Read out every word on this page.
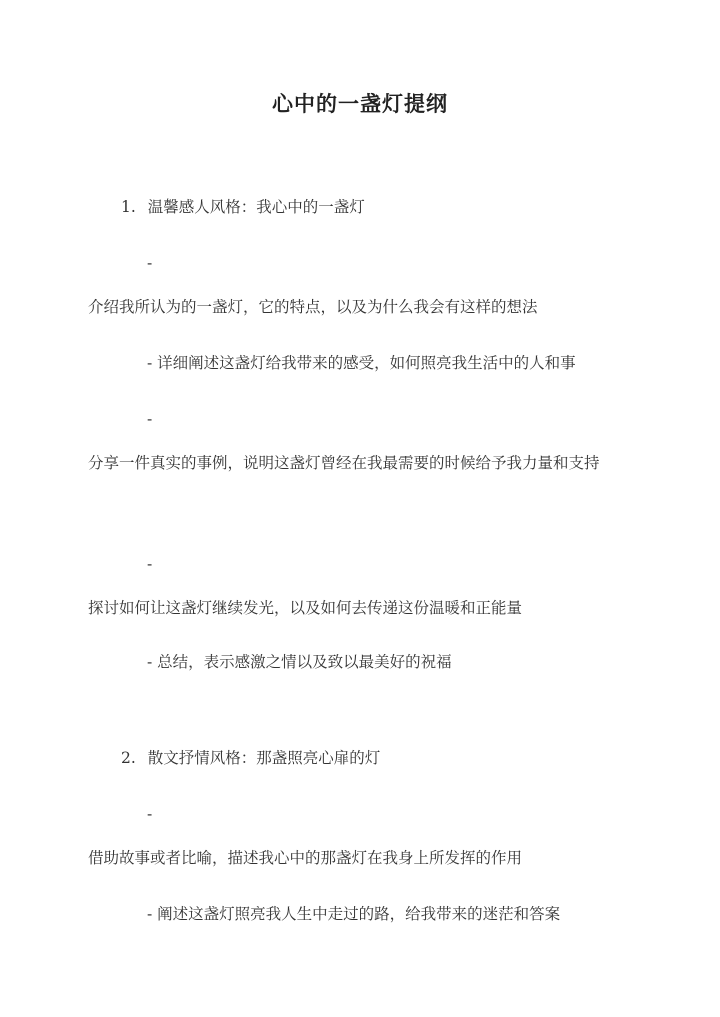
心中的一盏灯提纲
1. 温馨感人风格：我心中的一盏灯
-
介绍我所认为的一盏灯，它的特点，以及为什么我会有这样的想法
- 详细阐述这盏灯给我带来的感受，如何照亮我生活中的人和事
-
分享一件真实的事例，说明这盏灯曾经在我最需要的时候给予我力量和支持
-
探讨如何让这盏灯继续发光，以及如何去传递这份温暖和正能量
- 总结，表示感激之情以及致以最美好的祝福
2. 散文抒情风格：那盏照亮心扉的灯
-
借助故事或者比喻，描述我心中的那盏灯在我身上所发挥的作用
- 阐述这盏灯照亮我人生中走过的路，给我带来的迷茫和答案
